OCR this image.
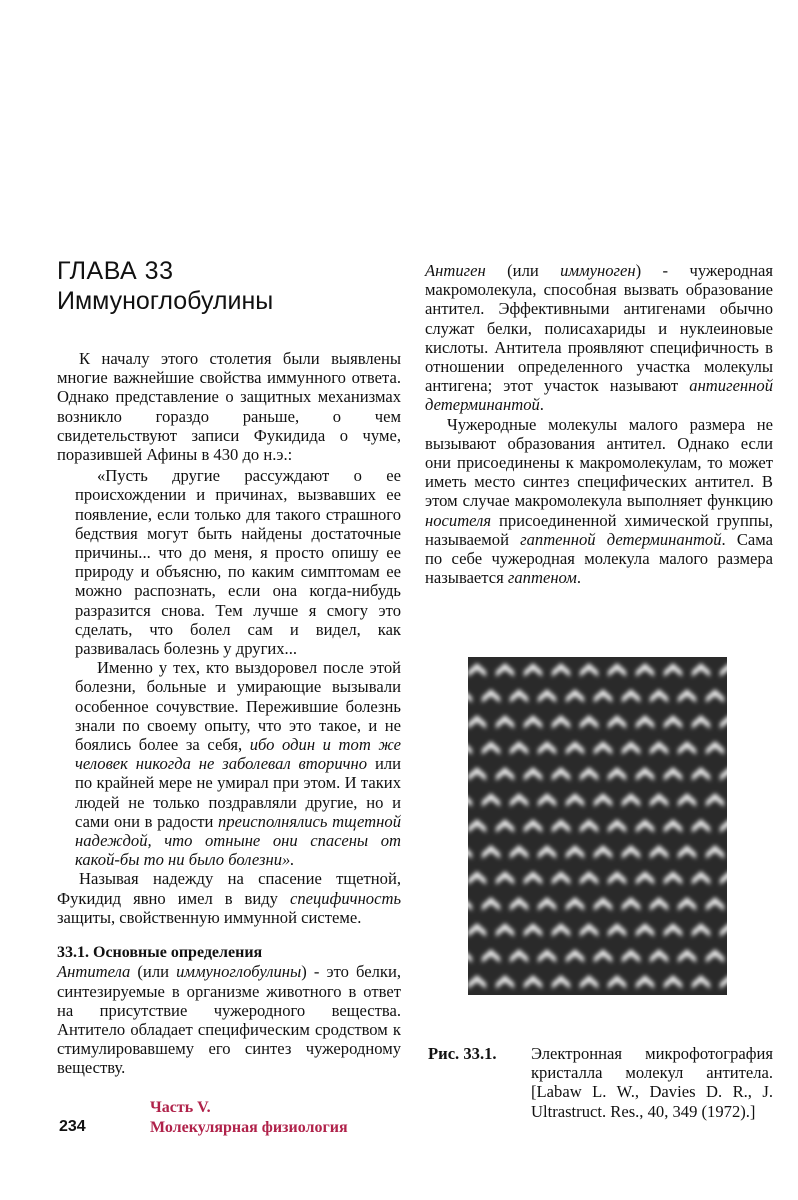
ГЛАВА 33
Иммуноглобулины

К началу этого столетия были выявлены многие важнейшие свойства иммунного ответа. Однако представление о защитных механизмах возникло гораздо раньше, о чем свидетельствуют записи Фукидида о чуме, поразившей Афины в 430 до н.э.:

«Пусть другие рассуждают о ее происхождении и причинах, вызвавших ее появление, если только для такого страшного бедствия могут быть найдены достаточные причины... что до меня, я просто опишу ее природу и объясню, по каким симптомам ее можно распознать, если она когда-нибудь разразится снова. Тем лучше я смогу это сделать, что болел сам и видел, как развивалась болезнь у других...

Именно у тех, кто выздоровел после этой болезни, больные и умирающие вызывали особенное сочувствие. Пережившие болезнь знали по своему опыту, что это такое, и не боялись более за себя, ибо один и тот же человек никогда не заболевал вторично или по крайней мере не умирал при этом. И таких людей не только поздравляли другие, но и сами они в радости преисполнялись тщетной надеждой, что отныне они спасены от какой-бы то ни было болезни».

Называя надежду на спасение тщетной, Фукидид явно имел в виду специфичность защиты, свойственную иммунной системе.

33.1. Основные определения

Антитела (или иммуноглобулины) - это белки, синтезируемые в организме животного в ответ на присутствие чужеродного вещества. Антитело обладает специфическим сродством к стимулировавшему его синтез чужеродному веществу.

Антиген (или иммуноген) - чужеродная макромолекула, способная вызвать образование антител. Эффективными антигенами обычно служат белки, полисахариды и нуклеиновые кислоты. Антитела проявляют специфичность в отношении определенного участка молекулы антигена; этот участок называют антигенной детерминантой.

Чужеродные молекулы малого размера не вызывают образования антител. Однако если они присоединены к макромолекулам, то может иметь место синтез специфических антител. В этом случае макромолекула выполняет функцию носителя присоединенной химической группы, называемой гаптенной детерминантой. Сама по себе чужеродная молекула малого размера называется гаптеном.

Рис. 33.1. Электронная микрофотография кристалла молекул антитела. [Labaw L. W., Davies D. R., J. Ultrastruct. Res., 40, 349 (1972).]

234

Часть V.

Молекулярная физиология
